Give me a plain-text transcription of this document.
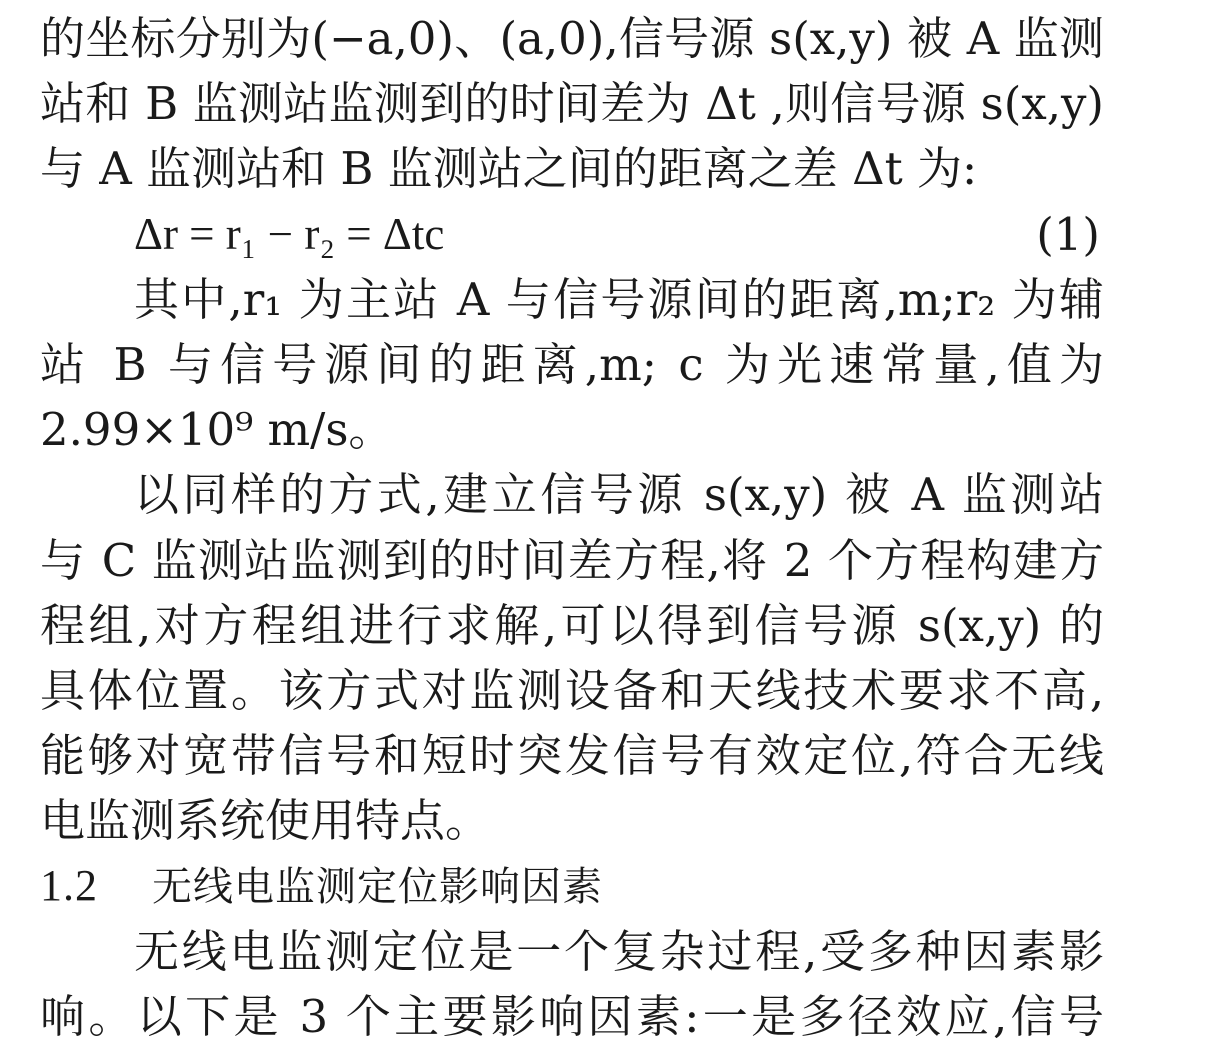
的坐标分别为(−a,0)、(a,0),信号源 s(x,y) 被 A 监测
站和 B 监测站监测到的时间差为 Δt ,则信号源 s(x,y)
与 A 监测站和 B 监测站之间的距离之差 Δt 为:
Δr = r₁ − r₂ = Δtc	(1)
其中,r₁ 为主站 A 与信号源间的距离,m;r₂ 为辅
站 B 与信号源间的距离,m; c 为光速常量,值为
2.99×10⁹ m/s。
以同样的方式,建立信号源 s(x,y) 被 A 监测站
与 C 监测站监测到的时间差方程,将 2 个方程构建方
程组,对方程组进行求解,可以得到信号源 s(x,y) 的
具体位置。该方式对监测设备和天线技术要求不高,
能够对宽带信号和短时突发信号有效定位,符合无线
电监测系统使用特点。
1.2 无线电监测定位影响因素
无线电监测定位是一个复杂过程,受多种因素影
响。以下是 3 个主要影响因素:一是多径效应,信号
